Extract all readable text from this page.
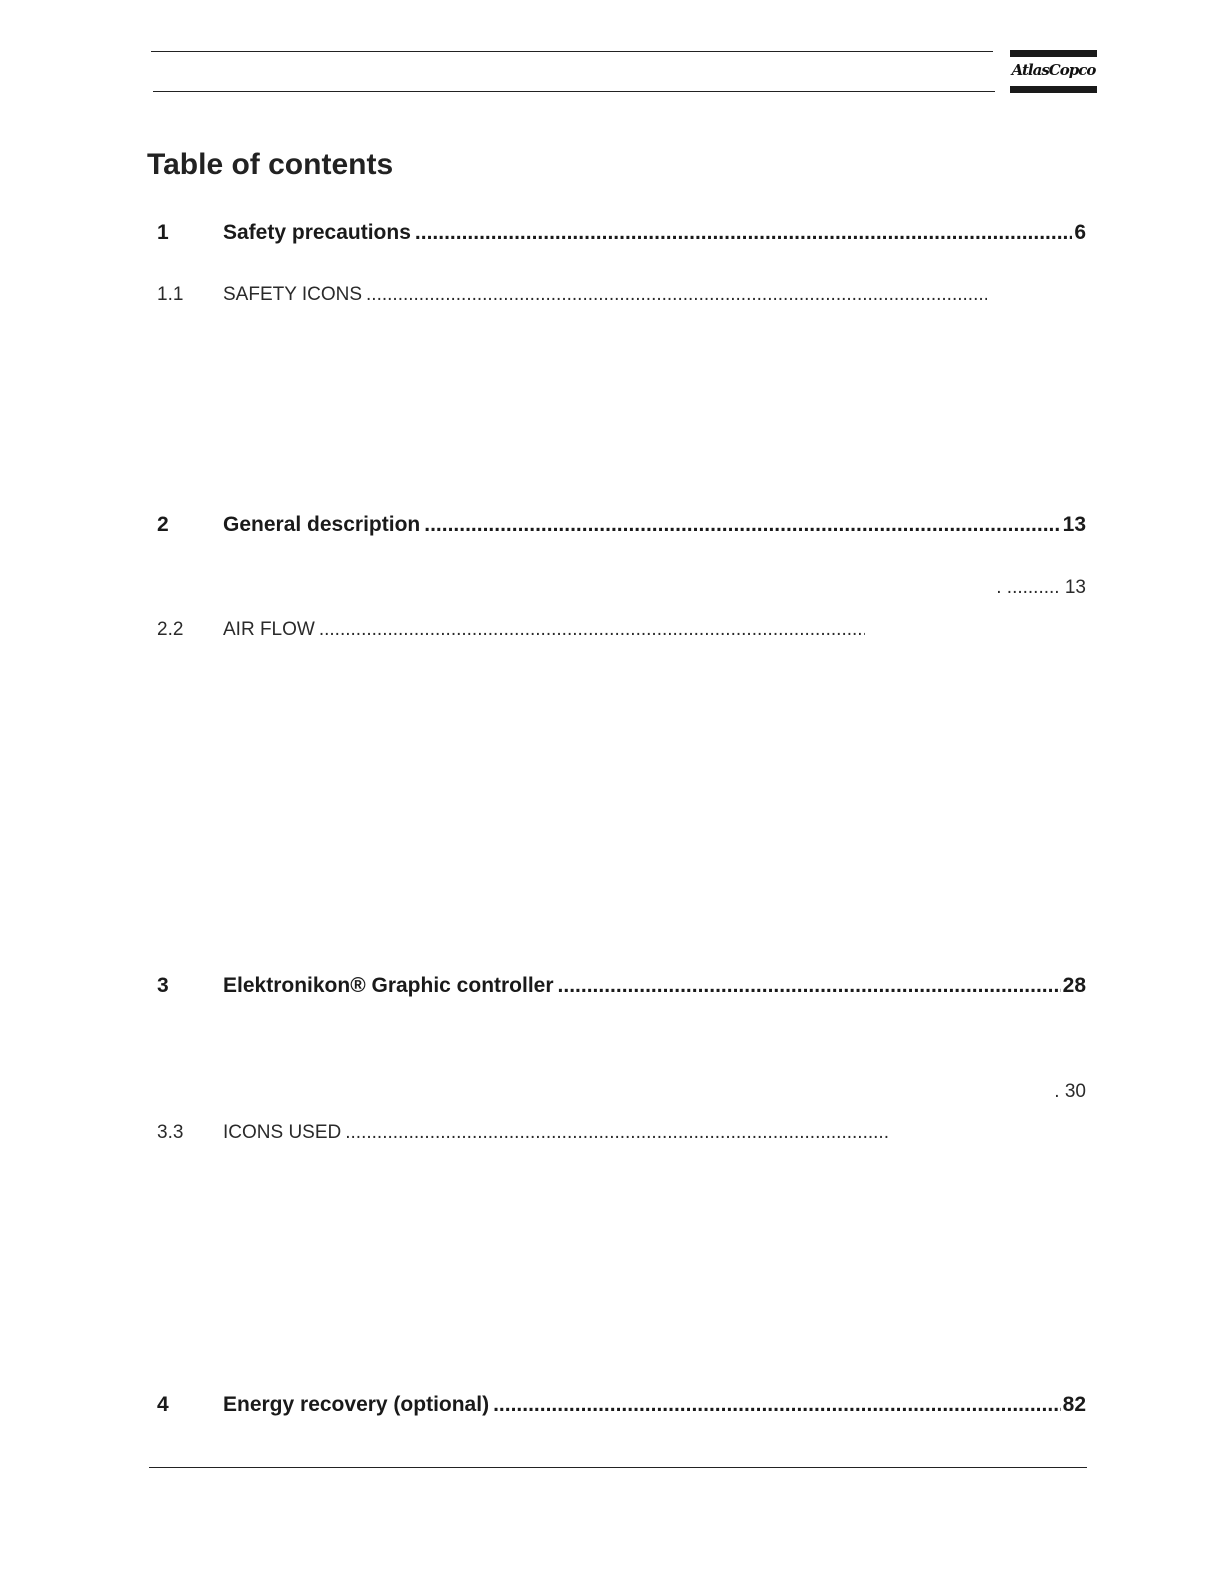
AtlasCopco
Table of contents
1	Safety precautions .....	6
1.1	SAFETY ICONS
.....
2	General description .....	13
. .......... 13
2.2	AIR FLOW
.....
3	Elektronikon® Graphic controller .....	28
. 30
3.3	ICONS USED
.....
4	Energy recovery (optional) .....	82
